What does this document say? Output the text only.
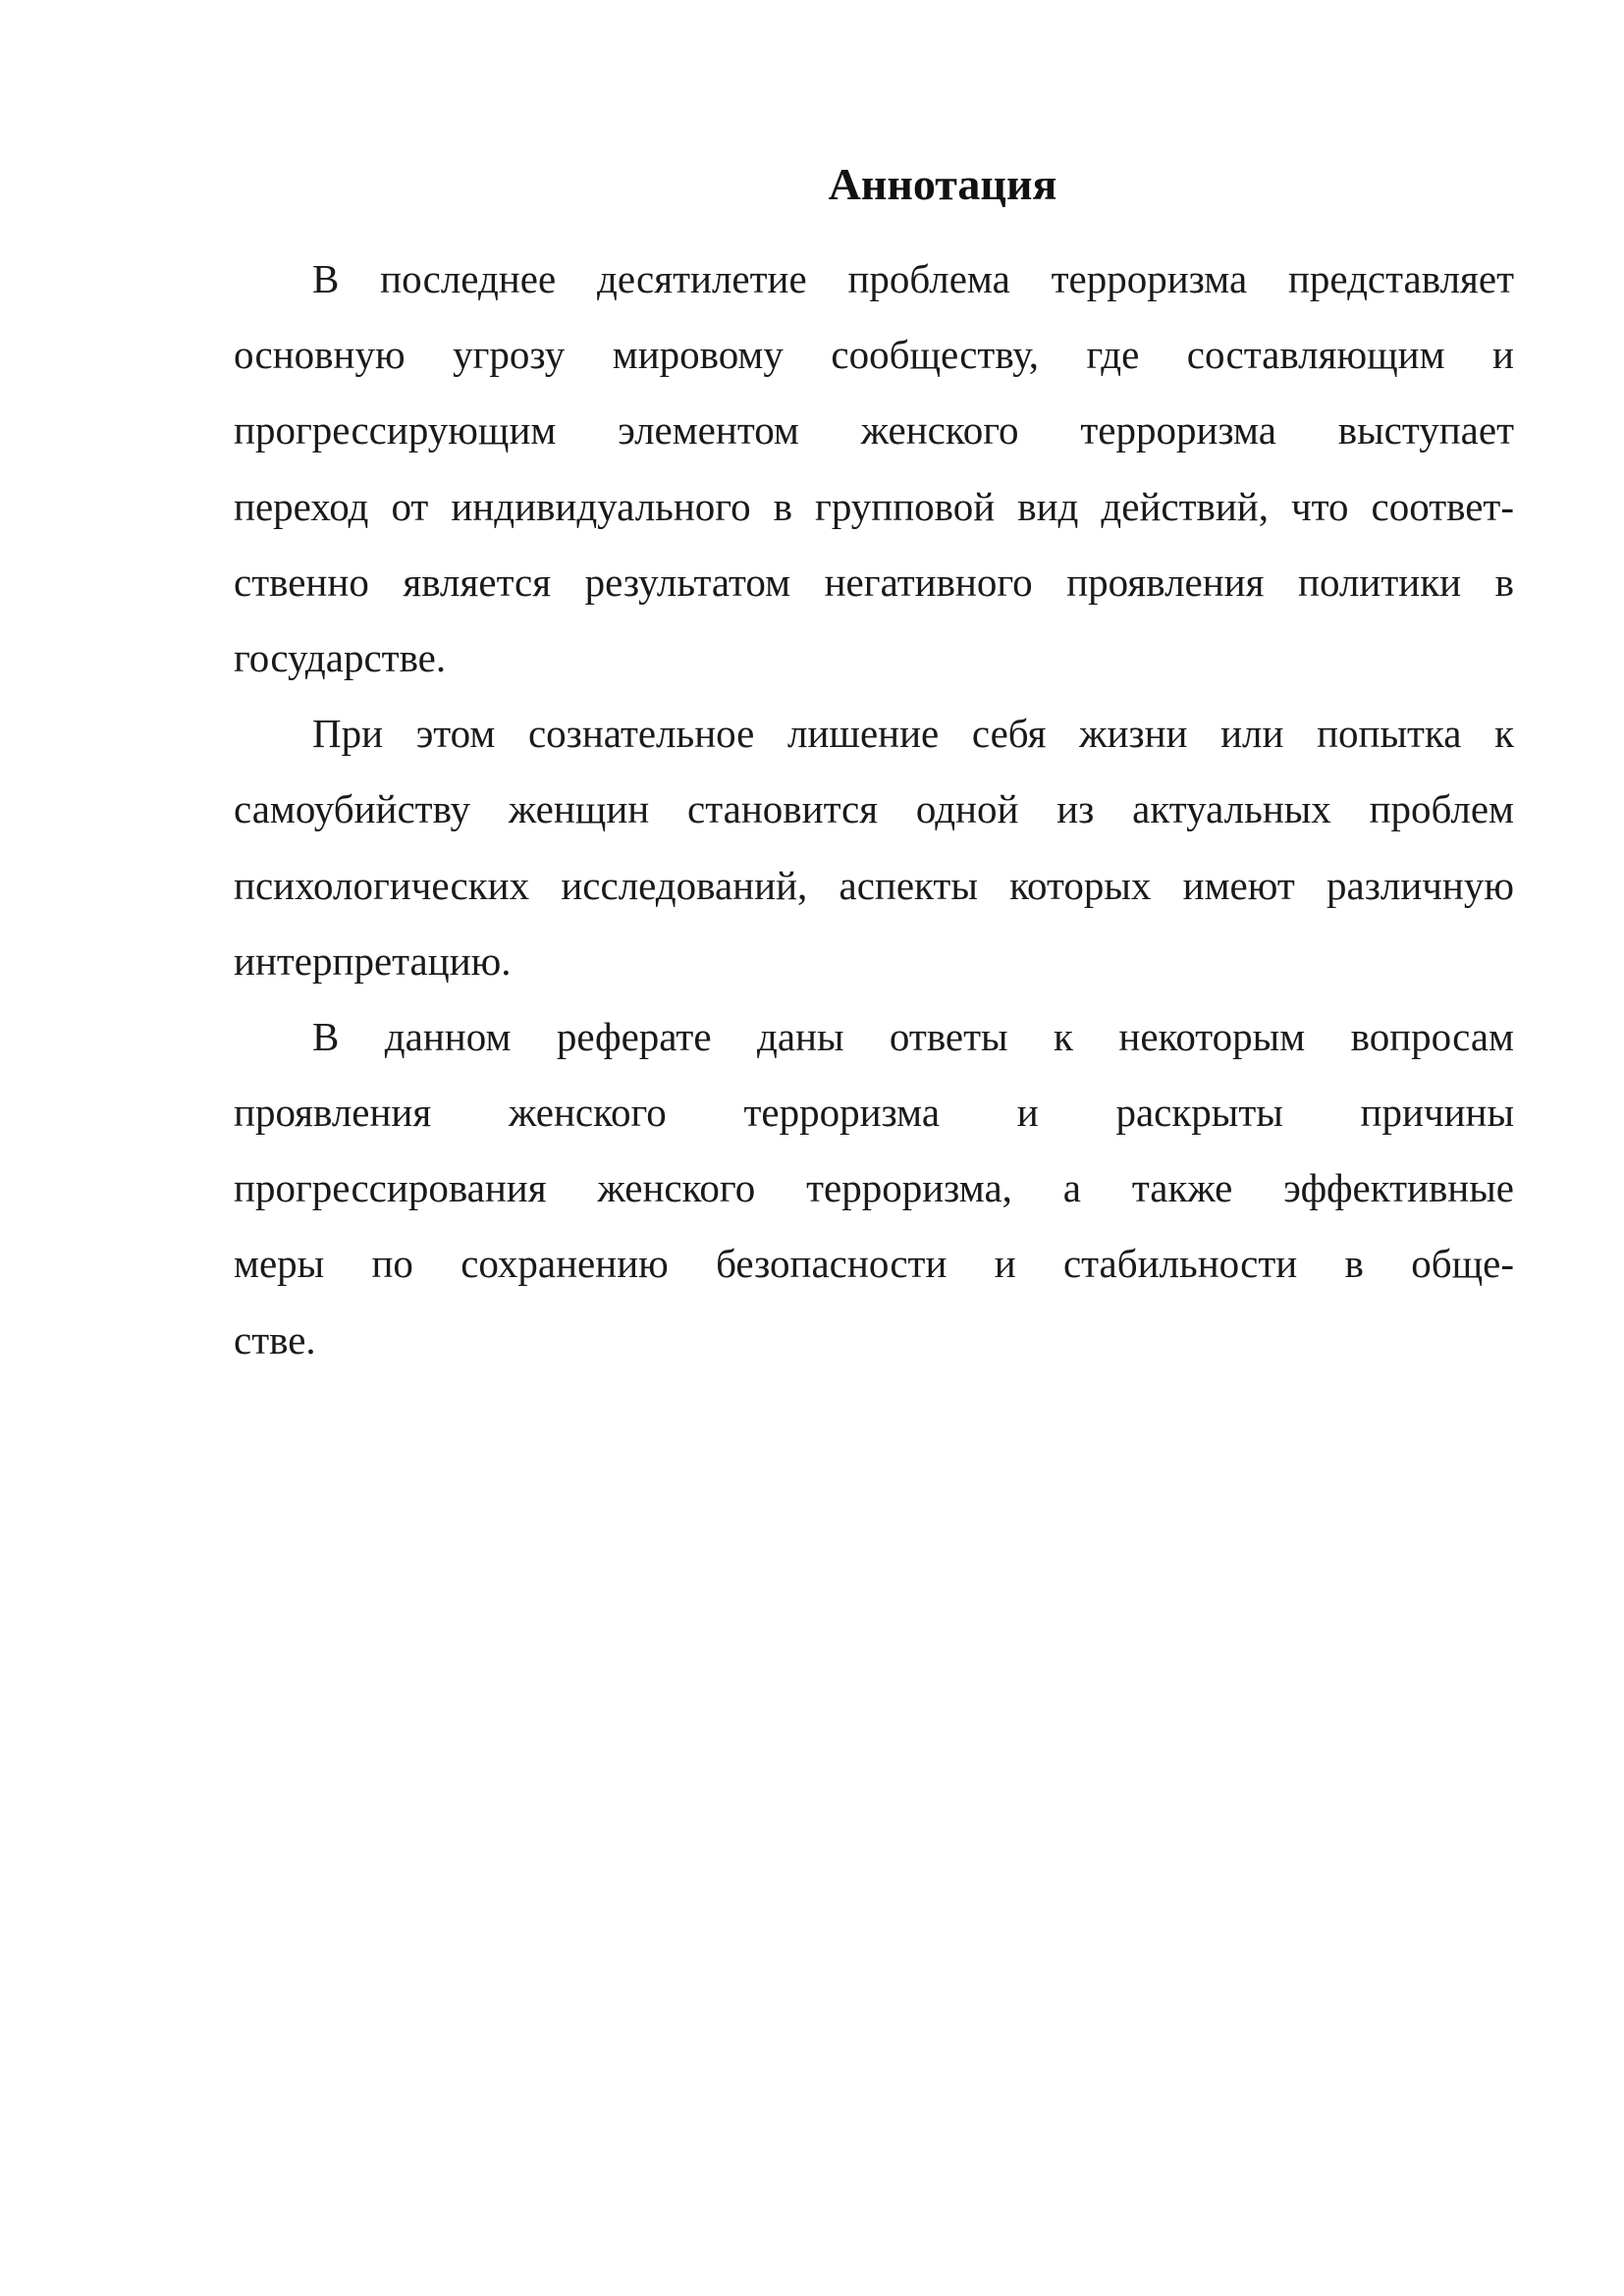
Аннотация
В последнее десятилетие проблема терроризма представляет
основную угрозу мировому сообществу, где составляющим и
прогрессирующим элементом женского терроризма выступает
переход от индивидуального в групповой вид действий, что соответ-
ственно является результатом негативного проявления политики в
государстве.
При этом сознательное лишение себя жизни или попытка к
самоубийству женщин становится одной из актуальных проблем
психологических исследований, аспекты которых имеют различную
интерпретацию.
В данном реферате даны ответы к некоторым вопросам
проявления женского терроризма и раскрыты причины
прогрессирования женского терроризма, а также эффективные
меры по сохранению безопасности и стабильности в обще-
стве.
